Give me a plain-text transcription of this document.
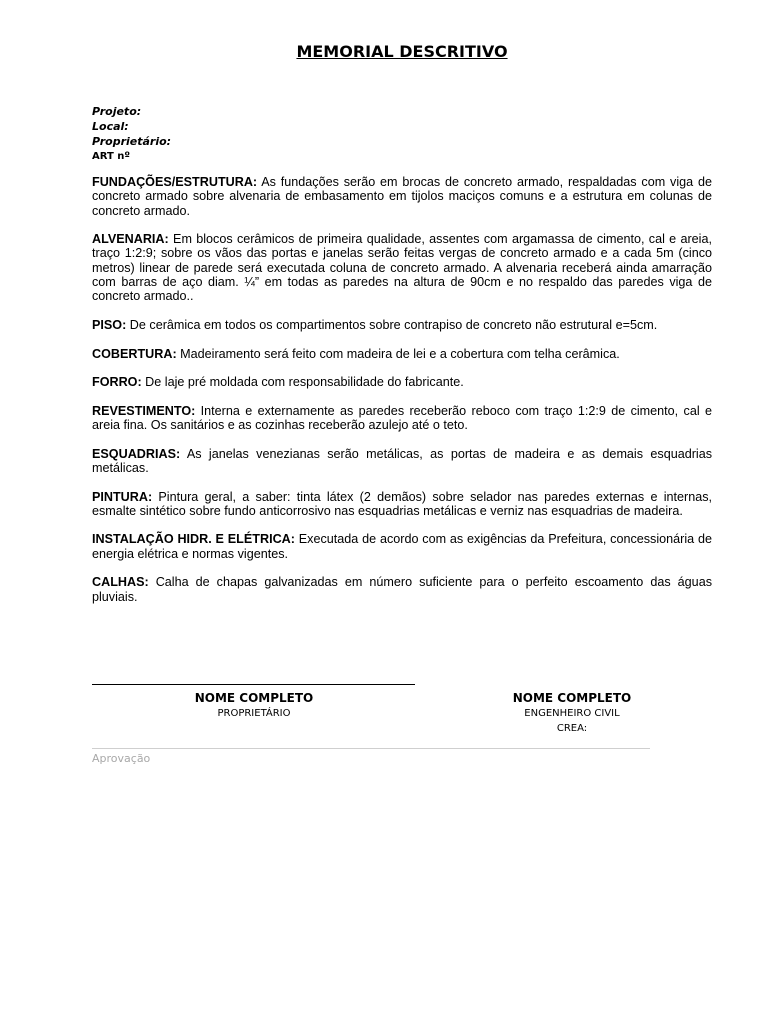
MEMORIAL DESCRITIVO
Projeto:
Local:
Proprietário:
ART nº

FUNDAÇÕES/ESTRUTURA: As fundações serão em brocas de concreto armado, respaldadas com viga de concreto armado sobre alvenaria de embasamento em tijolos maciços comuns e a estrutura em colunas de concreto armado.

ALVENARIA: Em blocos cerâmicos de primeira qualidade, assentes com argamassa de cimento, cal e areia, traço 1:2:9; sobre os vãos das portas e janelas serão feitas vergas de concreto armado e a cada 5m (cinco metros) linear de parede será executada coluna de concreto armado. A alvenaria receberá ainda amarração com barras de aço diam. ¼” em todas as paredes na altura de 90cm e no respaldo das paredes viga de concreto armado..

PISO: De cerâmica em todos os compartimentos sobre contrapiso de concreto não estrutural e=5cm.

COBERTURA: Madeiramento será feito com madeira de lei e a cobertura com telha cerâmica.

FORRO: De laje pré moldada com responsabilidade do fabricante.

REVESTIMENTO: Interna e externamente as paredes receberão reboco com traço 1:2:9 de cimento, cal e areia fina. Os sanitários e as cozinhas receberão azulejo até o teto.

ESQUADRIAS: As janelas venezianas serão metálicas, as portas de madeira e as demais esquadrias metálicas.

PINTURA: Pintura geral, a saber: tinta látex (2 demãos) sobre selador nas paredes externas e internas, esmalte sintético sobre fundo anticorrosivo nas esquadrias metálicas e verniz nas esquadrias de madeira.

INSTALAÇÃO HIDR. E ELÉTRICA: Executada de acordo com as exigências da Prefeitura, concessionária de energia elétrica e normas vigentes.

CALHAS: Calha de chapas galvanizadas em número suficiente para o perfeito escoamento das águas pluviais.

NOME COMPLETO
PROPRIETÁRIO
NOME COMPLETO
ENGENHEIRO CIVIL
CREA:
Aprovação
